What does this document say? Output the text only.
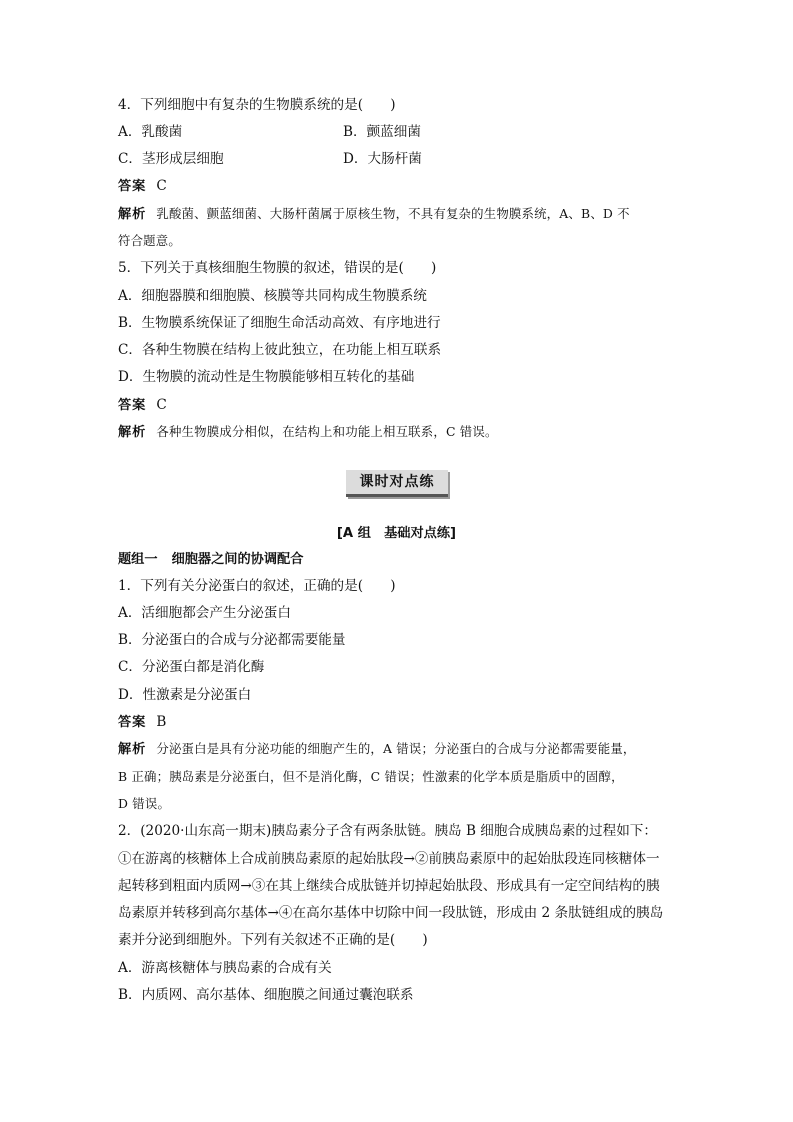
4．下列细胞中有复杂的生物膜系统的是(　　)
A．乳酸菌	B．颤蓝细菌
C．茎形成层细胞	D．大肠杆菌
答案 C
解析 乳酸菌、颤蓝细菌、大肠杆菌属于原核生物，不具有复杂的生物膜系统，A、B、D 不
符合题意。
5．下列关于真核细胞生物膜的叙述，错误的是(　　)
A．细胞器膜和细胞膜、核膜等共同构成生物膜系统
B．生物膜系统保证了细胞生命活动高效、有序地进行
C．各种生物膜在结构上彼此独立，在功能上相互联系
D．生物膜的流动性是生物膜能够相互转化的基础
答案 C
解析 各种生物膜成分相似，在结构上和功能上相互联系，C 错误。
课时对点练
[A 组　基础对点练]
题组一 细胞器之间的协调配合
1．下列有关分泌蛋白的叙述，正确的是(　　)
A．活细胞都会产生分泌蛋白
B．分泌蛋白的合成与分泌都需要能量
C．分泌蛋白都是消化酶
D．性激素是分泌蛋白
答案 B
解析 分泌蛋白是具有分泌功能的细胞产生的，A 错误；分泌蛋白的合成与分泌都需要能量，
B 正确；胰岛素是分泌蛋白，但不是消化酶，C 错误；性激素的化学本质是脂质中的固醇，
D 错误。
2．(2020·山东高一期末)胰岛素分子含有两条肽链。胰岛 B 细胞合成胰岛素的过程如下：
①在游离的核糖体上合成前胰岛素原的起始肽段→②前胰岛素原中的起始肽段连同核糖体一
起转移到粗面内质网→③在其上继续合成肽链并切掉起始肽段、形成具有一定空间结构的胰
岛素原并转移到高尔基体→④在高尔基体中切除中间一段肽链，形成由 2 条肽链组成的胰岛
素并分泌到细胞外。下列有关叙述不正确的是(　　)
A．游离核糖体与胰岛素的合成有关
B．内质网、高尔基体、细胞膜之间通过囊泡联系
